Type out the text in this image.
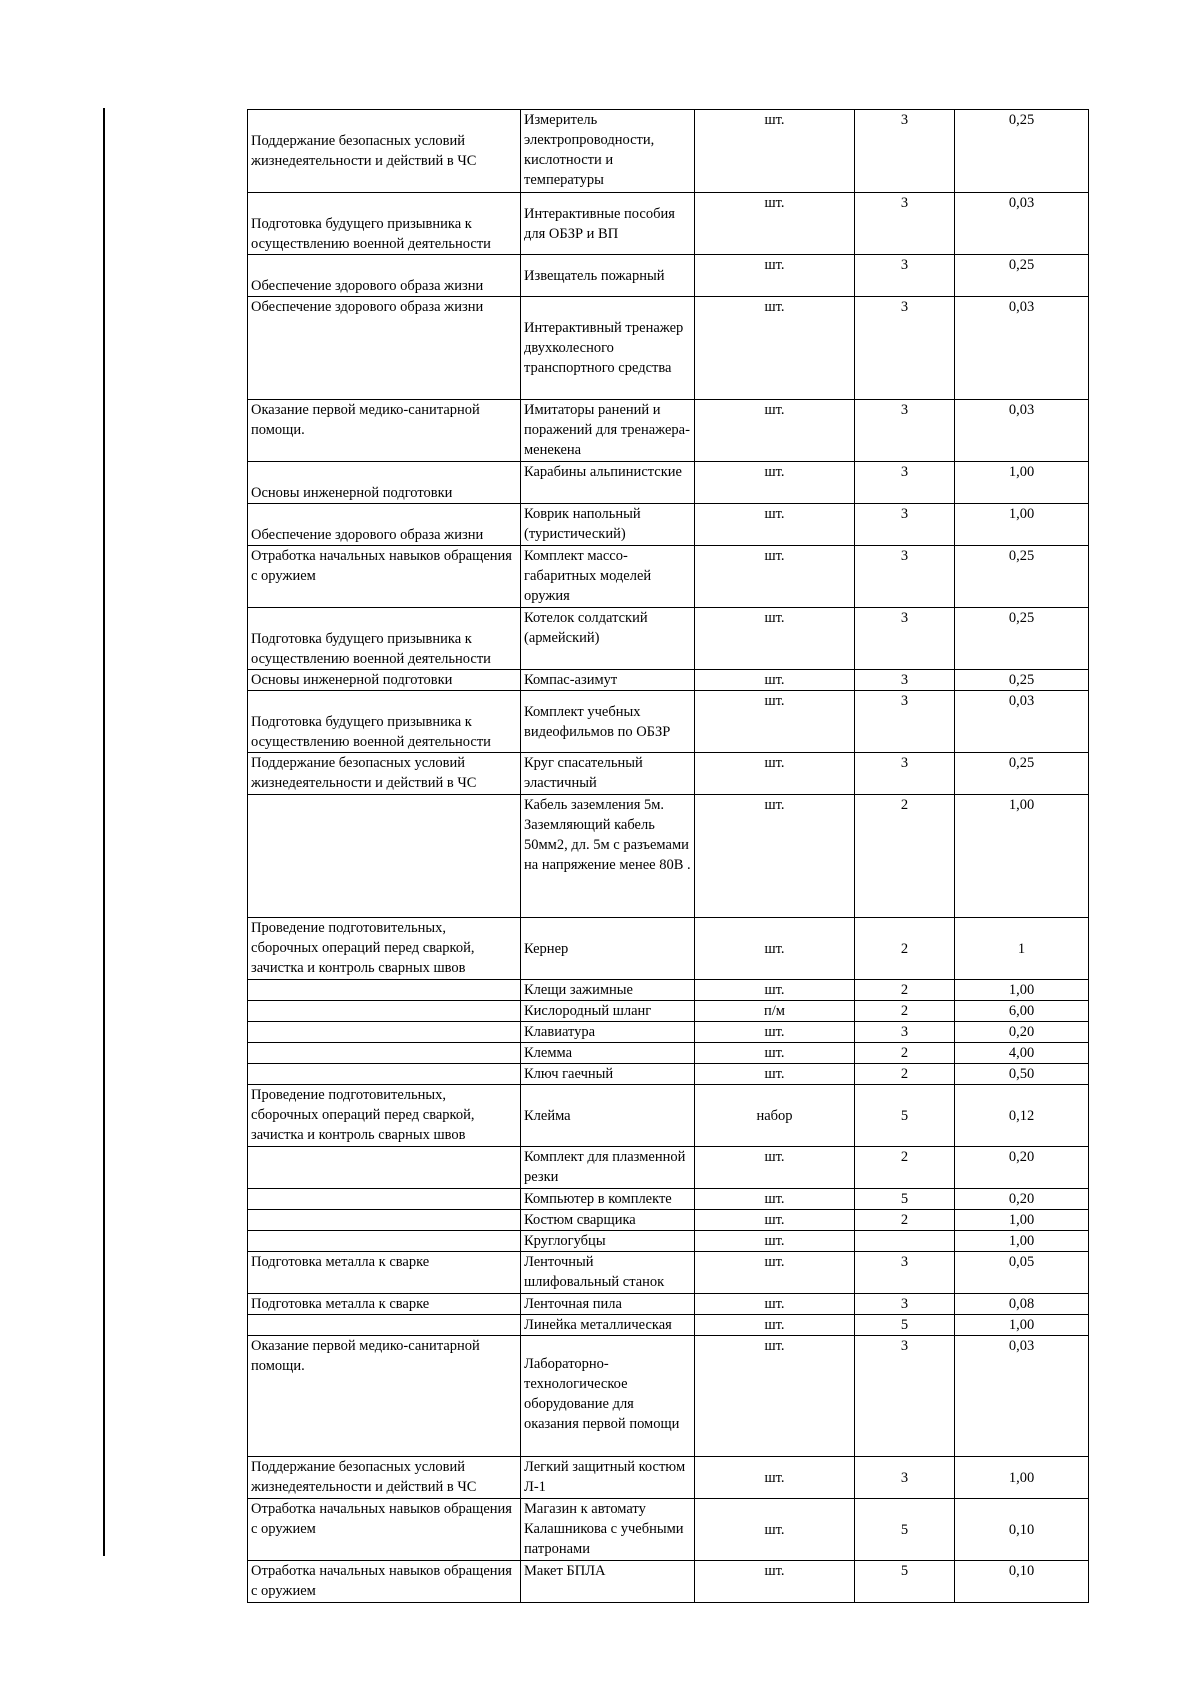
Поддержание безопасных условий жизнедеятельности и действий в ЧС	Измеритель электропроводности, кислотности и температуры	шт.	3	0,25
Подготовка будущего призывника к осуществлению военной деятельности	Интерактивные пособия для ОБЗР и ВП	шт.	3	0,03
Обеспечение здорового образа жизни	Извещатель пожарный	шт.	3	0,25
Обеспечение здорового образа жизни	Интерактивный тренажер двухколесного транспортного средства	шт.	3	0,03
Оказание первой медико-санитарной помощи.	Имитаторы ранений и поражений для тренажера-менекена	шт.	3	0,03
Основы инженерной подготовки	Карабины альпинистские	шт.	3	1,00
Обеспечение здорового образа жизни	Коврик напольный (туристический)	шт.	3	1,00
Отработка начальных навыков обращения с оружием	Комплект массо-габаритных моделей оружия	шт.	3	0,25
Подготовка будущего призывника к осуществлению военной деятельности	Котелок солдатский (армейский)	шт.	3	0,25
Основы инженерной подготовки	Компас-азимут	шт.	3	0,25
Подготовка будущего призывника к осуществлению военной деятельности	Комплект учебных видеофильмов по ОБЗР	шт.	3	0,03
Поддержание безопасных условий жизнедеятельности и действий в ЧС	Круг спасательный эластичный	шт.	3	0,25
	Кабель заземления 5м. Заземляющий кабель 50мм2, дл. 5м с разъемами на напряжение менее 80В .	шт.	2	1,00
Проведение подготовительных, сборочных операций перед сваркой, зачистка и контроль сварных швов	Кернер	шт.	2	1
	Клещи зажимные	шт.	2	1,00
	Кислородный шланг	п/м	2	6,00
	Клавиатура	шт.	3	0,20
	Клемма	шт.	2	4,00
	Ключ гаечный	шт.	2	0,50
Проведение подготовительных, сборочных операций перед сваркой, зачистка и контроль сварных швов	Клейма	набор	5	0,12
	Комплект для плазменной резки	шт.	2	0,20
	Компьютер в комплекте	шт.	5	0,20
	Костюм сварщика	шт.	2	1,00
	Круглогубцы	шт.		1,00
Подготовка металла к сварке	Ленточный шлифовальный станок	шт.	3	0,05
Подготовка металла к сварке	Ленточная пила	шт.	3	0,08
	Линейка металлическая	шт.	5	1,00
Оказание первой медико-санитарной помощи.	Лабораторно-технологическое оборудование для оказания первой помощи	шт.	3	0,03
Поддержание безопасных условий жизнедеятельности и действий в ЧС	Легкий защитный костюм Л-1	шт.	3	1,00
Отработка начальных навыков обращения с оружием	Магазин к автомату Калашникова с учебными патронами	шт.	5	0,10
Отработка начальных навыков обращения с оружием	Макет БПЛА	шт.	5	0,10
